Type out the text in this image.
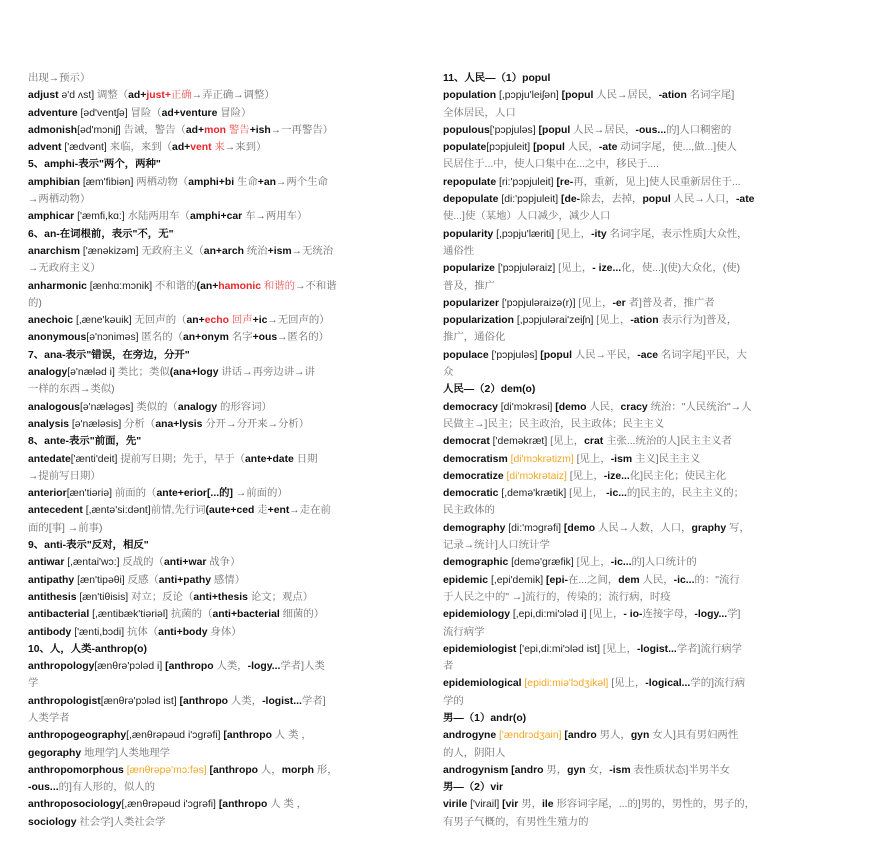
出现→预示）
adjust ə'd ʌst] 调整（ad+just+正确→弄正确→调整）
adventure [əd'ventʃə] 冒险（ad+venture 冒险）
admonish[əd'mɔniʃ] 告诫，警告（ad+mon 警告+ish→一再警告）
advent ['ædvənt] 来临，来到（ad+vent 来→来到）
5、amphi-表示"两个，两种"
amphibian [æm'fibiən] 两栖动物（amphi+bi 生命+an→两个生命
→两栖动物）
amphicar ['æmfi,kɑ:] 水陆两用车（amphi+car 车→两用车）
6、an-在词根前，表示"不，无"
anarchism ['ænəkizəm] 无政府主义（an+arch 统治+ism→无统治
→无政府主义）
anharmonic [ænhɑ:mɔnik] 不和谐的(an+hamonic 和谐的→不和谐
的)
anechoic [,æne'kəuik] 无回声的（an+echo 回声+ic→无回声的）
anonymous[ə'nɔniməs] 匿名的（an+onym 名字+ous→匿名的）
7、ana-表示"错误，在旁边，分开"
analogy[ə'næləd i] 类比；类似(ana+logy 讲话→再旁边讲→讲
一样的东西→类似)
analogous[ə'næləgəs] 类似的（analogy 的形容词）
analysis [ə'næləsis] 分析（ana+lysis 分开→分开来→分析）
8、ante-表示"前面，先"
antedate['ænti'deit] 提前写日期；先于，早于（ante+date 日期
→提前写日期）
anterior[æn'tiəriə] 前面的（ante+erior[...的] →前面的）
antecedent [,æntə'si:dənt]前情,先行词(aute+ced 走+ent→走在前
面的[事] →前事)
9、anti-表示"反对，相反"
antiwar [,æntai'wɔ:] 反战的（anti+war 战争）
antipathy [æn'tipəθi] 反感（anti+pathy 感情）
antithesis [æn'tiθisis] 对立；反论（anti+thesis 论文；观点）
antibacterial [,æntibæk'tiəriəl] 抗菌的（anti+bacterial 细菌的）
antibody ['ænti,bɔdi] 抗体（anti+body 身体）
10、人，人类-anthrop(o)
anthropology[ænθrə'pɔləd i] [anthropo 人类，-logy...学者]人类
学
anthropologist[ænθrə'pɔləd ist] [anthropo 人类，-logist...学者]
人类学者
anthropogeography[,ænθrəpəud i'ɔgrəfi] [anthropo 人 类 ，
gegoraphy 地理学]人类地理学
anthropomorphous [ænθrəpə'mɔ:fəs] [anthropo 人，morph 形，
-ous...的]有人形的，似人的
anthroposociology[,ænθrəpəud i'ɔgrəfi] [anthropo 人 类 ，
sociology 社会学]人类社会学
11、人民—（1）popul
population [,pɔpju'leiʃən] [popul 人民→居民，-ation 名词字尾]
全体居民，人口
populous['pɔpjuləs] [popul 人民→居民，-ous...的]人口稠密的
populate[pɔpjuleit] [popul 人民，-ate 动词字尾，使...,做...]使人
民居住于...中，使人口集中在...之中，移民于....
repopulate [ri:'pɔpjuleit] [re-再，重新，见上]使人民重新居住于...
depopulate [di:'pɔpjuleit] [de-除去，去掉，popul 人民→人口，-ate
使...]使（某地）人口减少，减少人口
popularity [,pɔpju'læriti] [见上，-ity 名词字尾，表示性质]大众性，
通俗性
popularize ['pɔpjuləraiz] [见上，- ize...化，使...](使)大众化，(使)
普及，推广
popularizer ['pɔpjuləraizə(r)] [见上，-er 者]普及者，推广者
popularization [,pɔpjulərai'zeiʃn] [见上，-ation 表示行为]普及，
推广，通俗化
populace ['pɔpjuləs] [popul 人民→平民，-ace 名词字尾]平民，大
众
人民—（2）dem(o)
democracy [di'mɔkrəsi] [demo 人民，cracy 统治："人民统治"→人
民做主→]民主；民主政治，民主政体；民主主义
democrat ['deməkræt] [见上，crat 主张...统治的人]民主主义者
democratism [di'mɔkrətizm] [见上，-ism 主义]民主主义
democratize [di'mɔkrətaiz] [见上，-ize...化]民主化；使民主化
democratic [,demə'krætik] [见上， -ic...的]民主的，民主主义的；
民主政体的
demography [di:'mɔgrəfi] [demo 人民→人数，人口，graphy 写，
记录→统计]人口统计学
demographic [demə'græfik] [见上，-ic...的]人口统计的
epidemic [,epi'demik] [epi-在...之间，dem 人民，-ic...的："流行
于人民之中的" →]流行的，传染的；流行病，时疫
epidemiology [,epi,di:mi'ɔləd i] [见上，- io-连接字母，-logy...学]
流行病学
epidemiologist ['epi,di:mi'ɔləd ist] [见上，-logist...学者]流行病学
者
epidemiological [epidi:miə'lɔdʒikəl] [见上，-logical...学的]流行病
学的
男—（1）andr(o)
androgyne ['ændrɔdʒain] [andro 男人，gyn 女人]具有男妇两性
的人，阴阳人
androgynism [andro 男，gyn 女，-ism 表性质状态]半男半女
男—（2）vir
virile ['virail] [vir 男，ile 形容词字尾，...的]男的，男性的，男子的，
有男子气概的，有男性生殖力的
